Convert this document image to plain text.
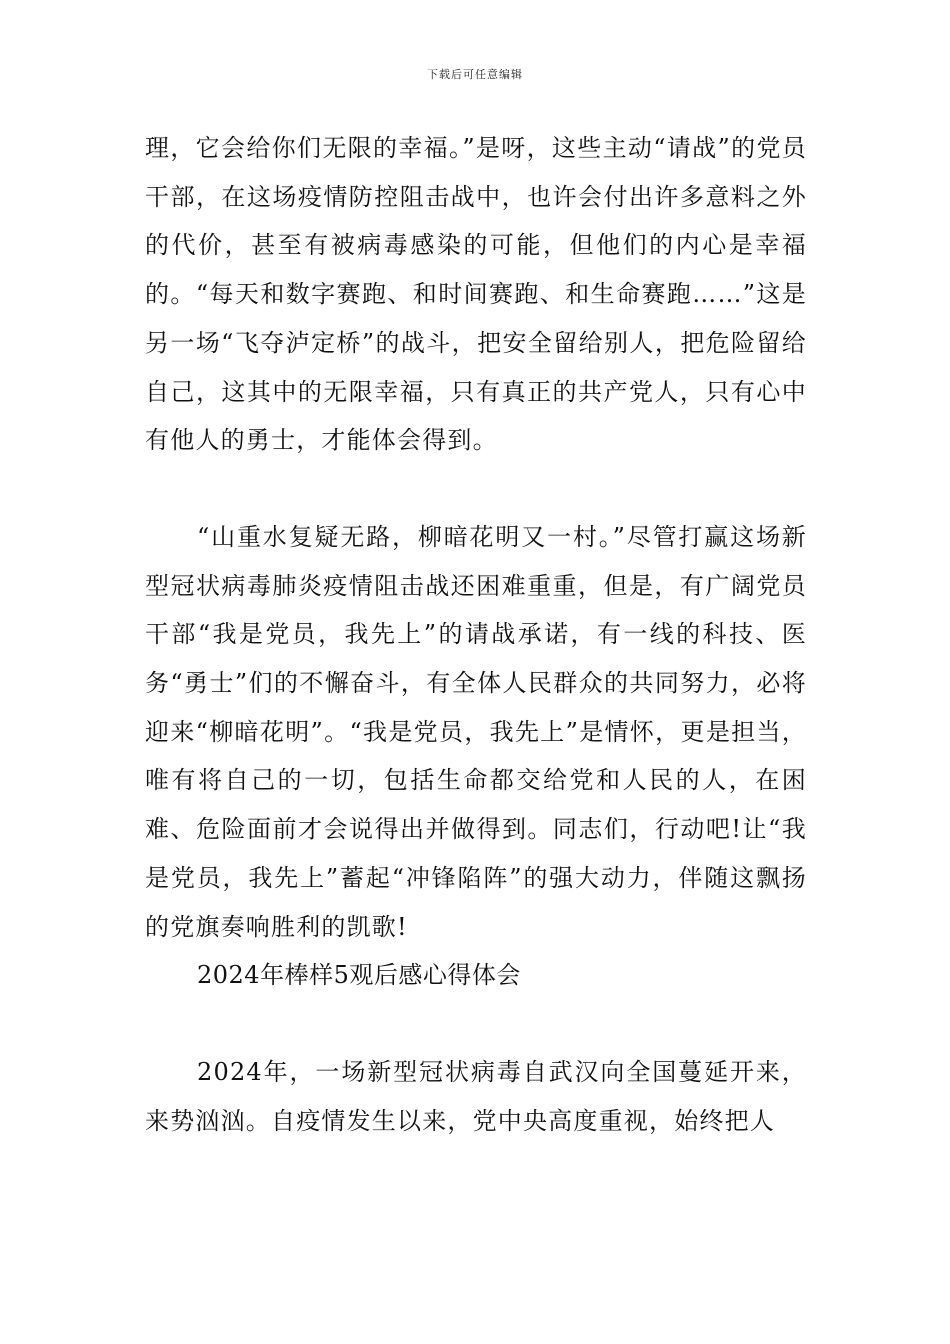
下载后可任意编辑

理，它会给你们无限的幸福。”是呀，这些主动“请战”的党员干部，在这场疫情防控阻击战中，也许会付出许多意料之外的代价，甚至有被病毒感染的可能，但他们的内心是幸福的。“每天和数字赛跑、和时间赛跑、和生命赛跑……”这是另一场“飞夺泸定桥”的战斗，把安全留给别人，把危险留给自己，这其中的无限幸福，只有真正的共产党人，只有心中有他人的勇士，才能体会得到。

“山重水复疑无路，柳暗花明又一村。”尽管打赢这场新型冠状病毒肺炎疫情阻击战还困难重重，但是，有广阔党员干部“我是党员，我先上”的请战承诺，有一线的科技、医务“勇士”们的不懈奋斗，有全体人民群众的共同努力，必将迎来“柳暗花明”。“我是党员，我先上”是情怀，更是担当，唯有将自己的一切，包括生命都交给党和人民的人，在困难、危险面前才会说得出并做得到。同志们，行动吧!让“我是党员，我先上”蓄起“冲锋陷阵”的强大动力，伴随这飘扬的党旗奏响胜利的凯歌!

2024年棒样5观后感心得体会

2024年，一场新型冠状病毒自武汉向全国蔓延开来，来势汹汹。自疫情发生以来，党中央高度重视，始终把人
